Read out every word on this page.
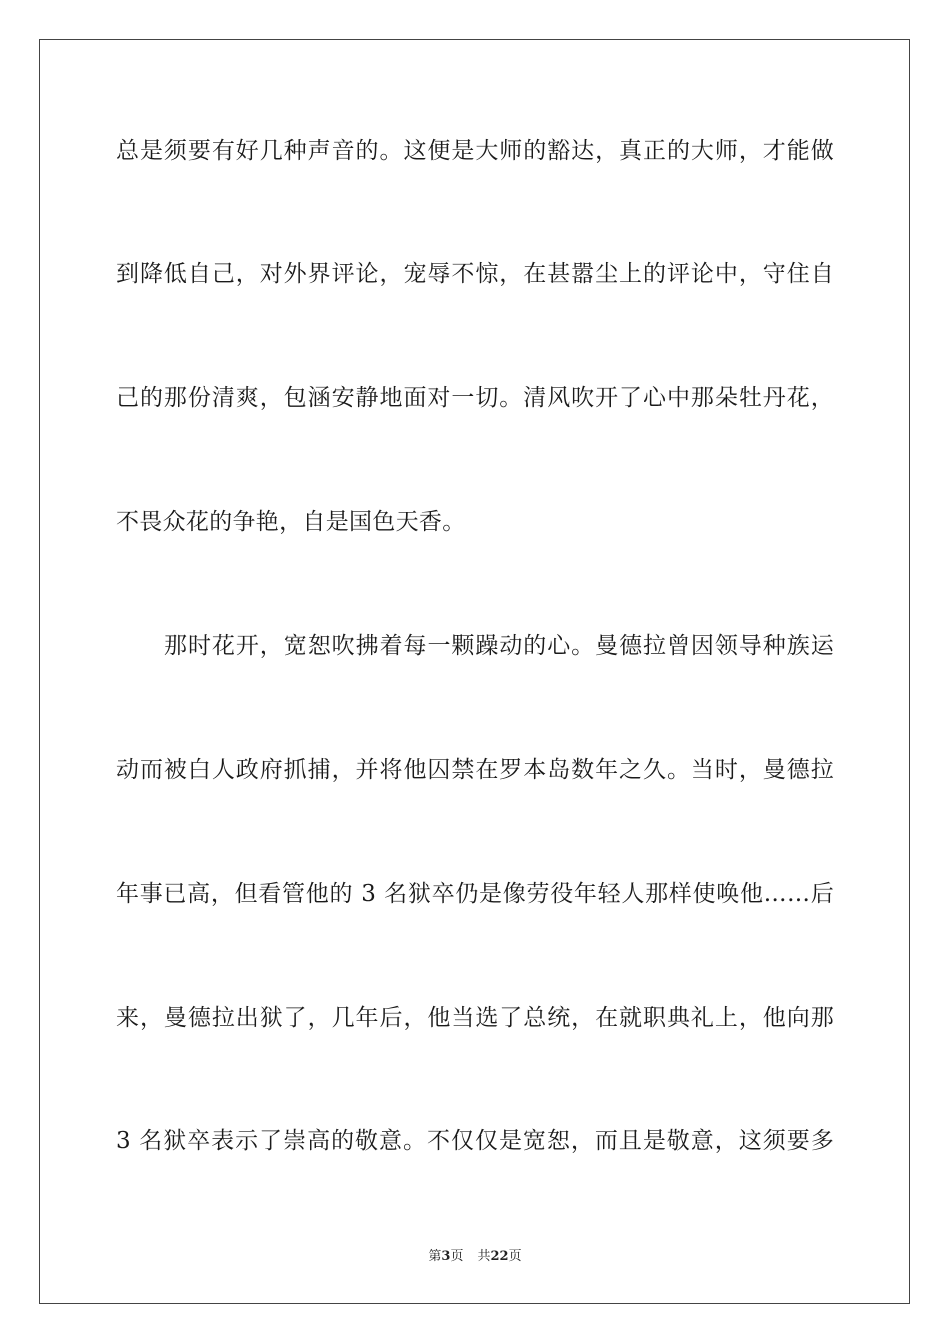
总是须要有好几种声音的。这便是大师的豁达，真正的大师，才能做
到降低自己，对外界评论，宠辱不惊，在甚嚣尘上的评论中，守住自
己的那份清爽，包涵安静地面对一切。清风吹开了心中那朵牡丹花，
不畏众花的争艳，自是国色天香。
那时花开，宽恕吹拂着每一颗躁动的心。曼德拉曾因领导种族运
动而被白人政府抓捕，并将他囚禁在罗本岛数年之久。当时，曼德拉
年事已高，但看管他的 3 名狱卒仍是像劳役年轻人那样使唤他……后
来，曼德拉出狱了，几年后，他当选了总统，在就职典礼上，他向那
3 名狱卒表示了崇高的敬意。不仅仅是宽恕，而且是敬意，这须要多
第3页 共22页
